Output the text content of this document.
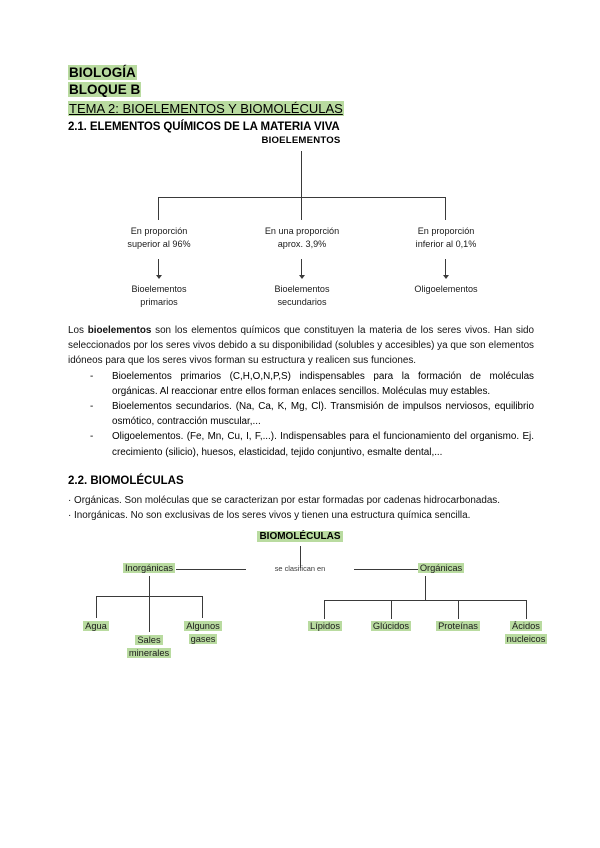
BIOLOGÍA
BLOQUE B
TEMA 2: BIOELEMENTOS Y BIOMOLÉCULAS
2.1. ELEMENTOS QUÍMICOS DE LA MATERIA VIVA
BIOELEMENTOS
En proporción
superior al 96%
En una proporción
aprox. 3,9%
En proporción
inferior al 0,1%
Bioelementos
primarios
Bioelementos
secundarios
Oligoelementos

Los bioelementos son los elementos químicos que constituyen la materia de los seres vivos. Han sido seleccionados por los seres vivos debido a su disponibilidad (solubles y accesibles) ya que son elementos idóneos para que los seres vivos forman su estructura y realicen sus funciones.

- Bioelementos primarios (C,H,O,N,P,S) indispensables para la formación de moléculas orgánicas. Al reaccionar entre ellos forman enlaces sencillos. Moléculas muy estables.
- Bioelementos secundarios. (Na, Ca, K, Mg, Cl). Transmisión de impulsos nerviosos, equilibrio osmótico, contracción muscular,...
- Oligoelementos. (Fe, Mn, Cu, I, F,...). Indispensables para el funcionamiento del organismo. Ej. crecimiento (silicio), huesos, elasticidad, tejido conjuntivo, esmalte dental,...
2.2. BIOMOLÉCULAS

· Orgánicas. Son moléculas que se caracterizan por estar formadas por cadenas hidrocarbonadas.

· Inorgánicas. No son exclusivas de los seres vivos y tienen una estructura química sencilla.

BIOMOLÉCULAS
se clasifican en
Inorgánicas	Orgánicas
Agua
Sales
minerales
Algunos
gases
Lípidos	Glúcidos	Proteínas	Ácidos
nucleicos
